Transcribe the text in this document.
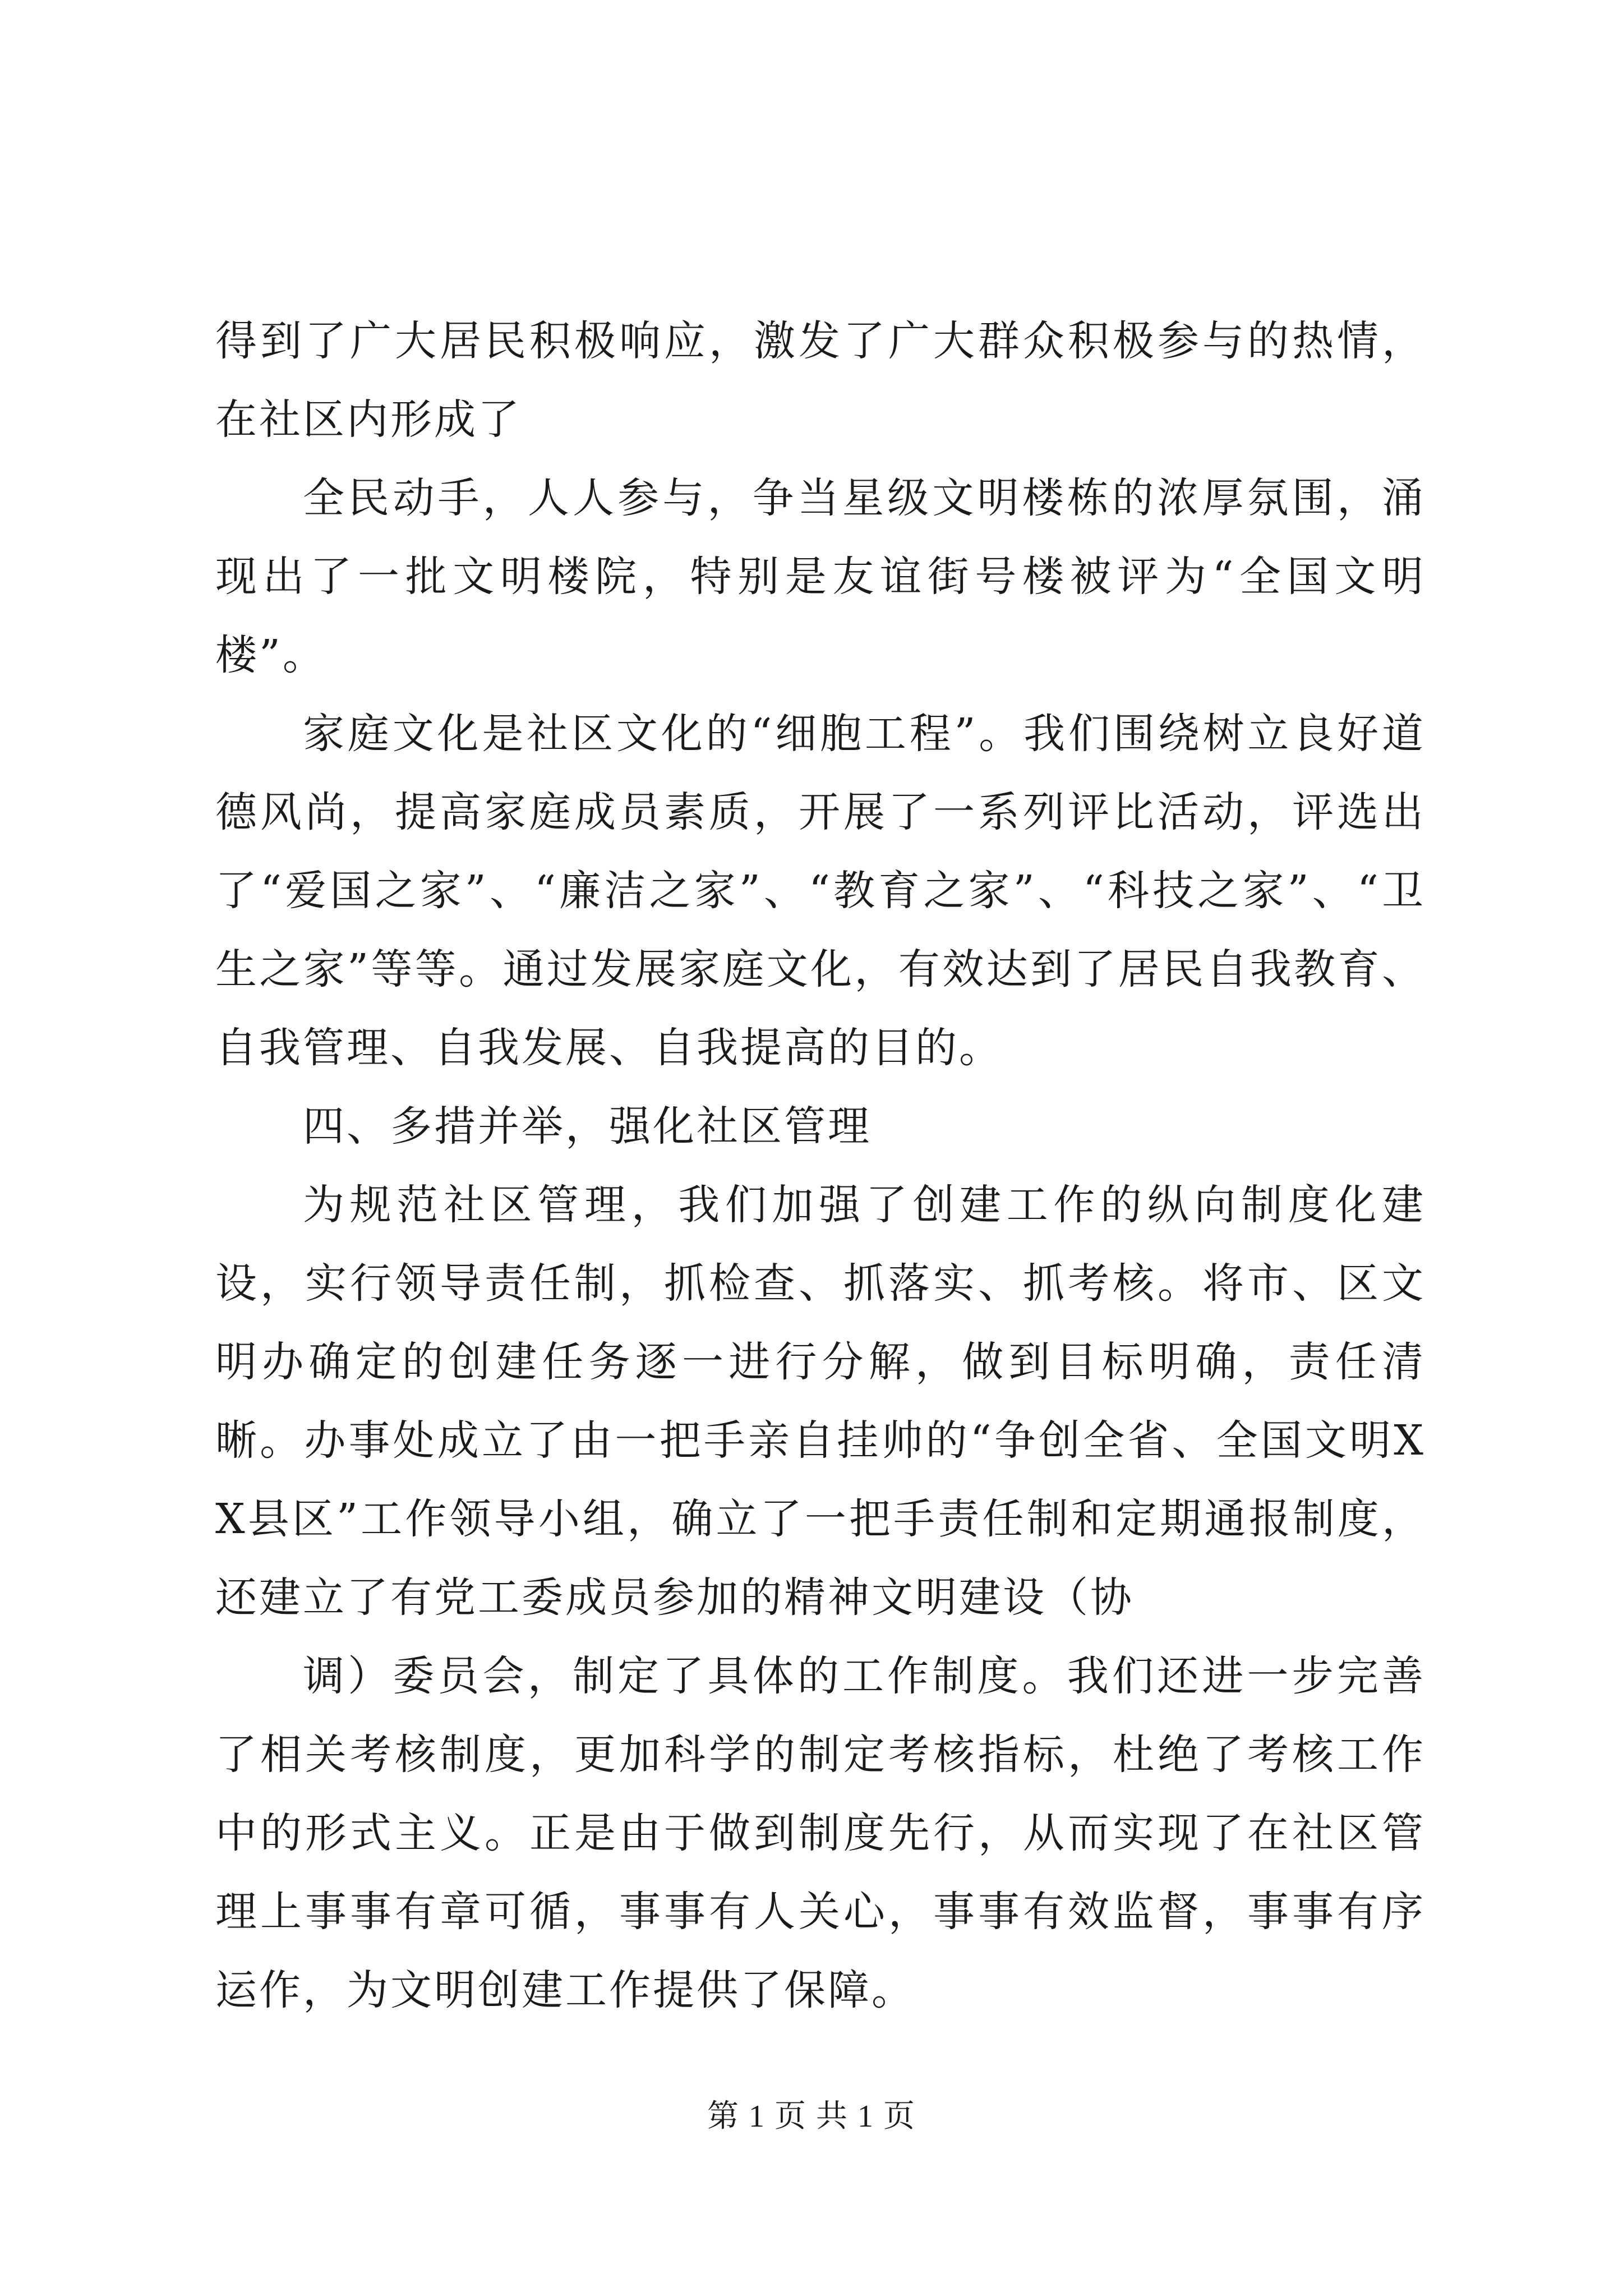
得到了广大居民积极响应，激发了广大群众积极参与的热情，在社区内形成了

全民动手，人人参与，争当星级文明楼栋的浓厚氛围，涌现出了一批文明楼院，特别是友谊街号楼被评为“全国文明楼”。

家庭文化是社区文化的“细胞工程”。我们围绕树立良好道德风尚，提高家庭成员素质，开展了一系列评比活动，评选出了“爱国之家”、“廉洁之家”、“教育之家”、“科技之家”、“卫生之家”等等。通过发展家庭文化，有效达到了居民自我教育、自我管理、自我发展、自我提高的目的。

四、多措并举，强化社区管理

为规范社区管理，我们加强了创建工作的纵向制度化建设，实行领导责任制，抓检查、抓落实、抓考核。将市、区文明办确定的创建任务逐一进行分解，做到目标明确，责任清晰。办事处成立了由一把手亲自挂帅的“争创全省、全国文明XX县区”工作领导小组，确立了一把手责任制和定期通报制度，还建立了有党工委成员参加的精神文明建设（协

调）委员会，制定了具体的工作制度。我们还进一步完善了相关考核制度，更加科学的制定考核指标，杜绝了考核工作中的形式主义。正是由于做到制度先行，从而实现了在社区管理上事事有章可循，事事有人关心，事事有效监督，事事有序运作，为文明创建工作提供了保障。

第 1 页 共 1 页
